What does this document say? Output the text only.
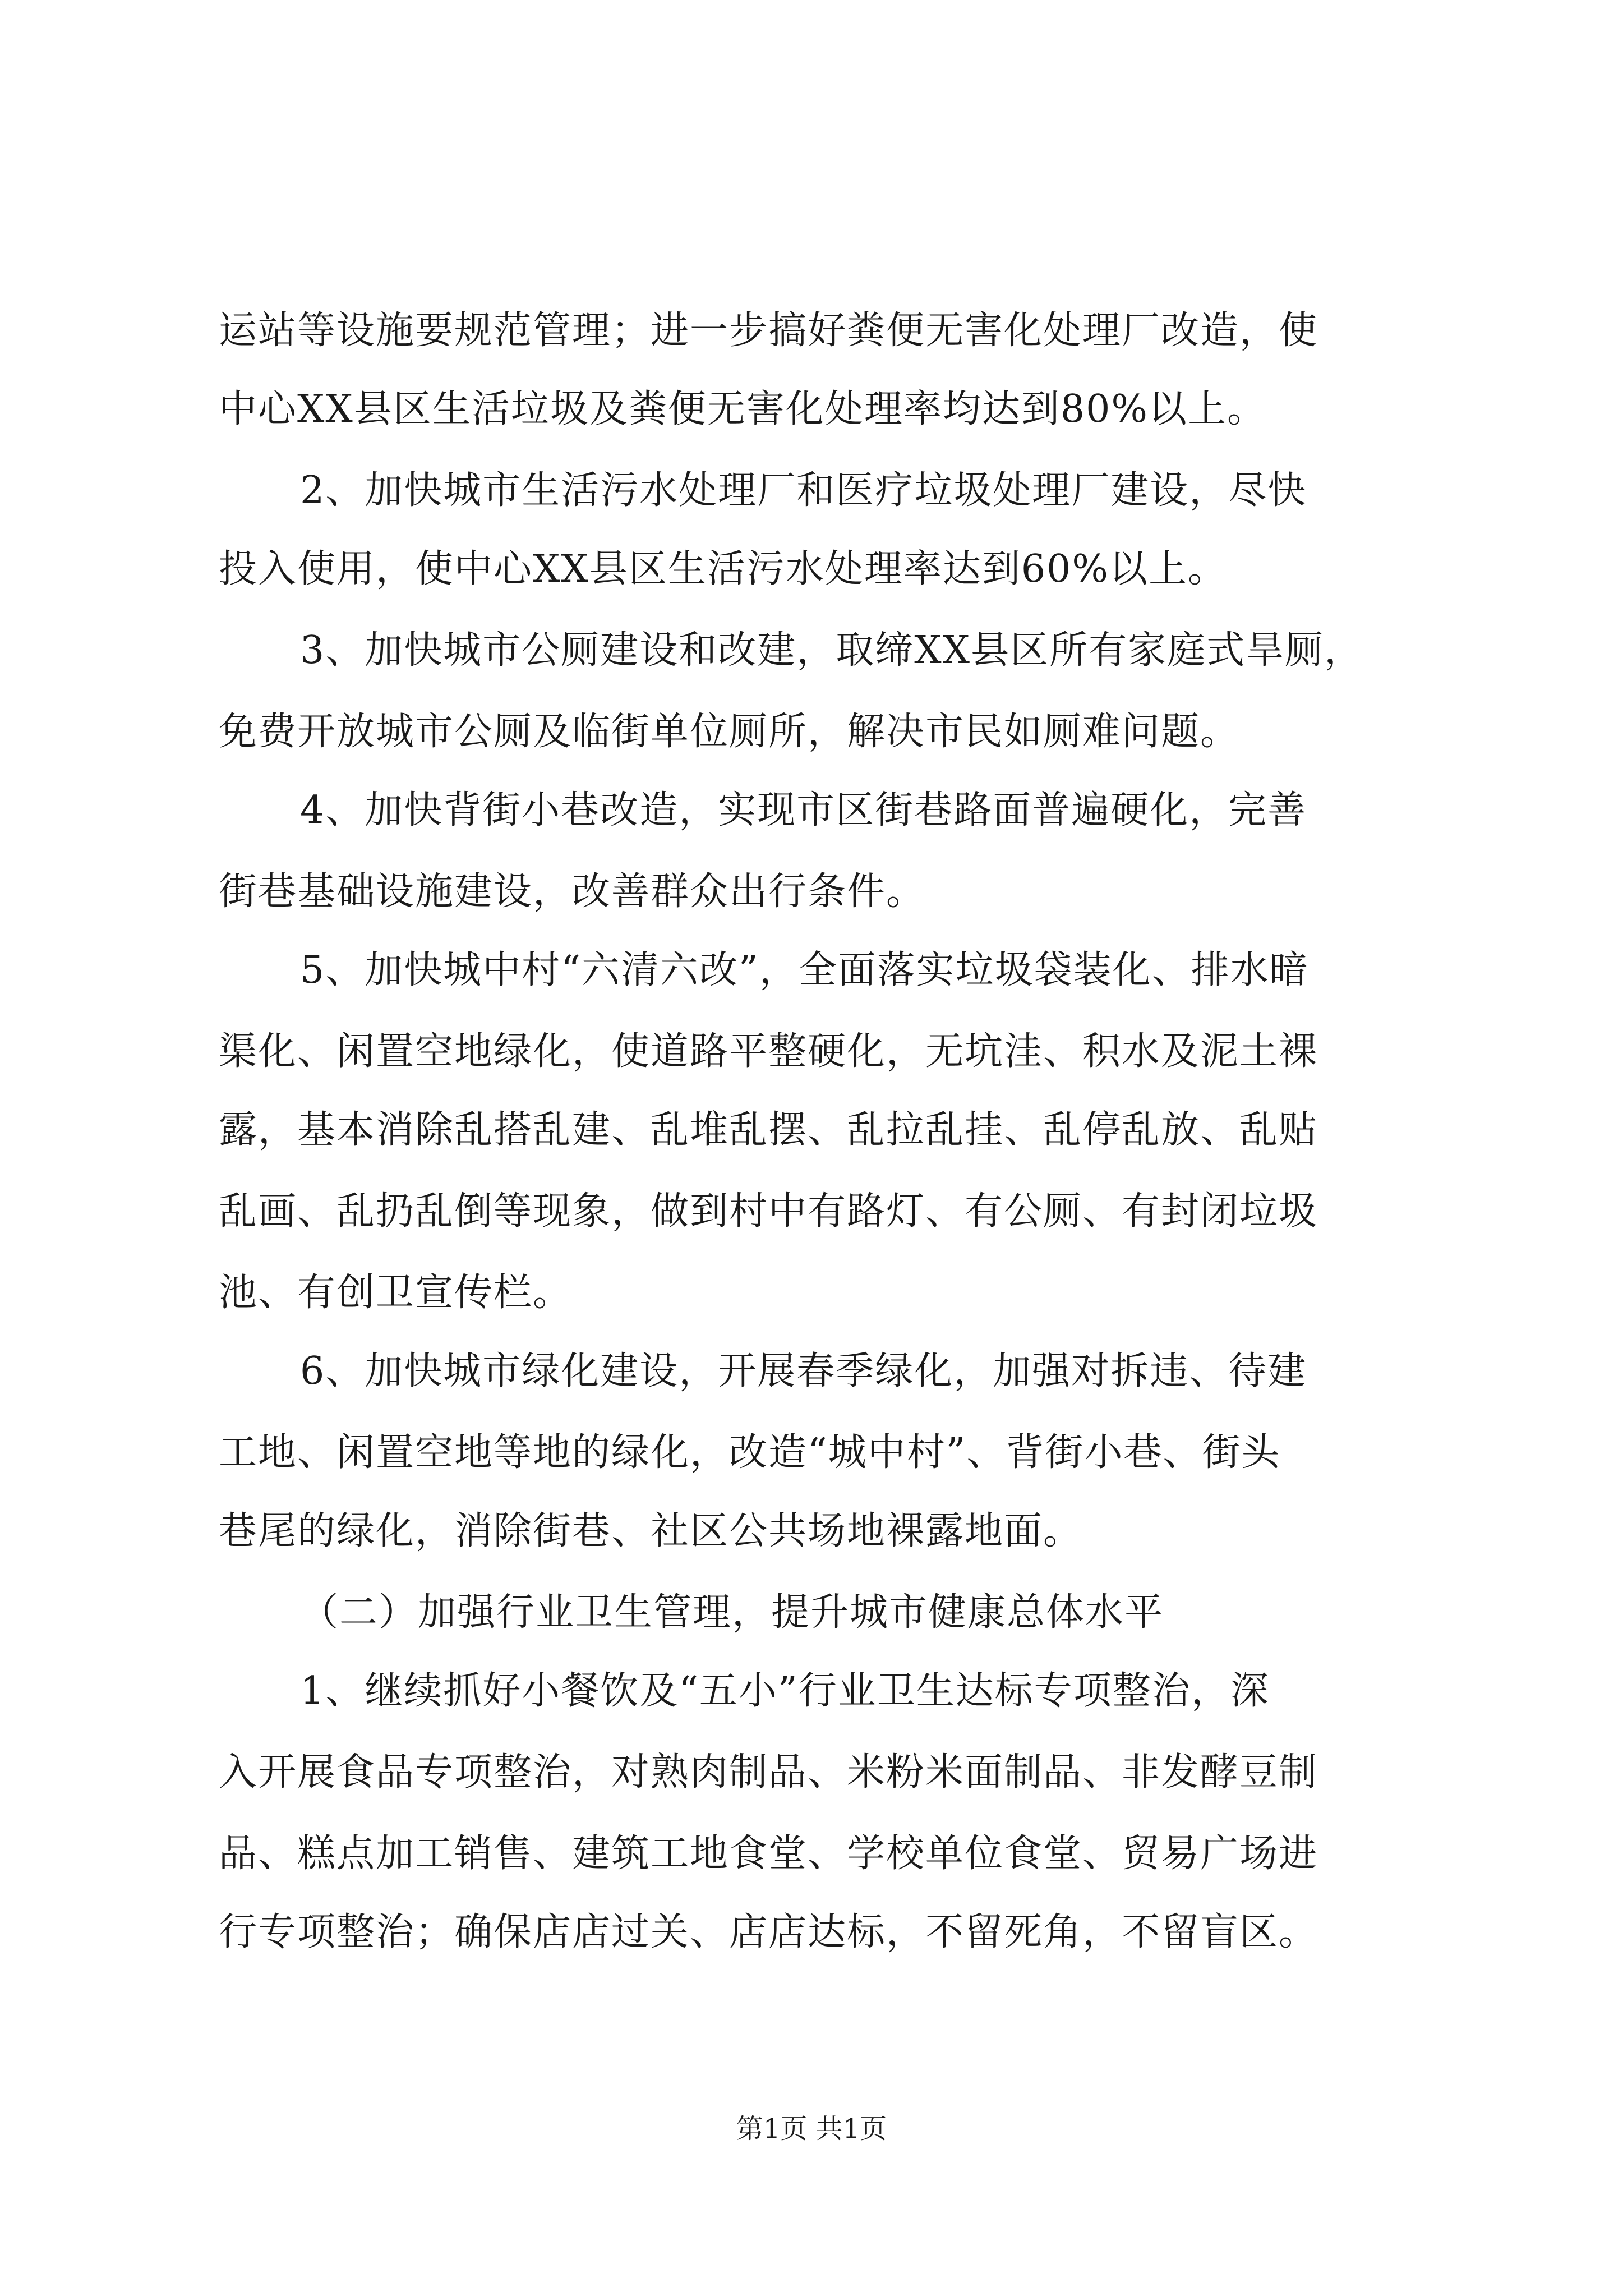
运站等设施要规范管理；进一步搞好粪便无害化处理厂改造，使
中心XX县区生活垃圾及粪便无害化处理率均达到80%以上。
2、加快城市生活污水处理厂和医疗垃圾处理厂建设，尽快
投入使用，使中心XX县区生活污水处理率达到60%以上。
3、加快城市公厕建设和改建，取缔XX县区所有家庭式旱厕，
免费开放城市公厕及临街单位厕所，解决市民如厕难问题。
4、加快背街小巷改造，实现市区街巷路面普遍硬化，完善
街巷基础设施建设，改善群众出行条件。
5、加快城中村“六清六改”，全面落实垃圾袋装化、排水暗
渠化、闲置空地绿化，使道路平整硬化，无坑洼、积水及泥土裸
露，基本消除乱搭乱建、乱堆乱摆、乱拉乱挂、乱停乱放、乱贴
乱画、乱扔乱倒等现象，做到村中有路灯、有公厕、有封闭垃圾
池、有创卫宣传栏。
6、加快城市绿化建设，开展春季绿化，加强对拆违、待建
工地、闲置空地等地的绿化，改造“城中村”、背街小巷、街头
巷尾的绿化，消除街巷、社区公共场地裸露地面。
（二）加强行业卫生管理，提升城市健康总体水平
1、继续抓好小餐饮及“五小”行业卫生达标专项整治，深
入开展食品专项整治，对熟肉制品、米粉米面制品、非发酵豆制
品、糕点加工销售、建筑工地食堂、学校单位食堂、贸易广场进
行专项整治；确保店店过关、店店达标，不留死角，不留盲区。
第1页 共1页
